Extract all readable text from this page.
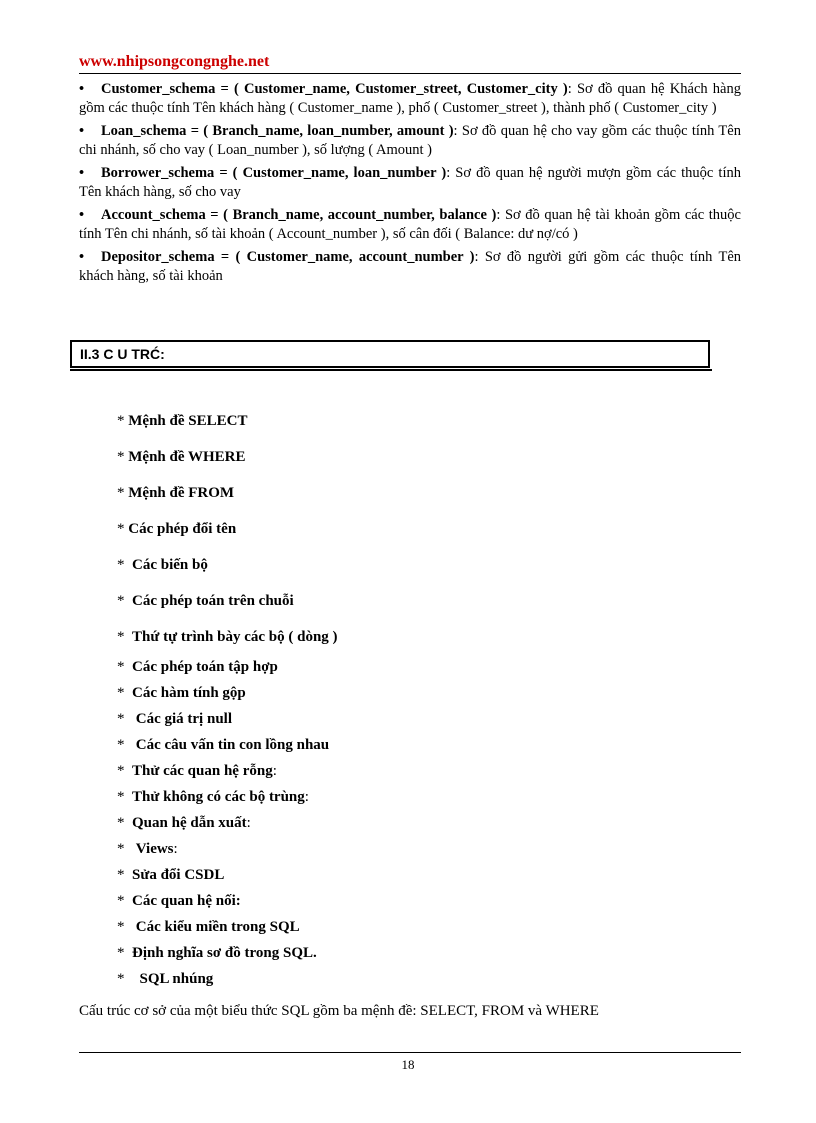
www.nhipsongcongnghe.net

• Customer_schema = ( Customer_name, Customer_street, Customer_city ): Sơ đồ quan hệ Khách hàng gồm các thuộc tính Tên khách hàng ( Customer_name ), phố ( Customer_street ), thành phố ( Customer_city )

• Loan_schema = ( Branch_name, loan_number, amount ): Sơ đồ quan hệ cho vay gồm các thuộc tính Tên chi nhánh, số cho vay ( Loan_number ), số lượng ( Amount )

• Borrower_schema = ( Customer_name, loan_number ): Sơ đồ quan hệ người mượn gồm các thuộc tính Tên khách hàng, số cho vay

• Account_schema = ( Branch_name, account_number, balance ): Sơ đồ quan hệ tài khoản gồm các thuộc tính Tên chi nhánh, số tài khoản ( Account_number ), số cân đối ( Balance: dư nợ/có )

• Depositor_schema = ( Customer_name, account_number ): Sơ đồ người gửi gồm các thuộc tính Tên khách hàng, số tài khoản

II.3 C U TRĆ:
* Mệnh đề SELECT
* Mệnh đề WHERE
* Mệnh đề FROM
* Các phép đổi tên
* Các biến bộ
* Các phép toán trên chuỗi
* Thứ tự trình bày các bộ ( dòng )
* Các phép toán tập hợp
* Các hàm tính gộp
* Các giá trị null
* Các câu vấn tin con lồng nhau
* Thử các quan hệ rỗng:
* Thử không có các bộ trùng:
* Quan hệ dẫn xuất:
* Views:
* Sửa đổi CSDL
* Các quan hệ nối:
* Các kiểu miền trong SQL
* Định nghĩa sơ đồ trong SQL.
* SQL nhúng
Cấu trúc cơ sở của một biểu thức SQL gồm ba mệnh đề: SELECT, FROM và WHERE
18
